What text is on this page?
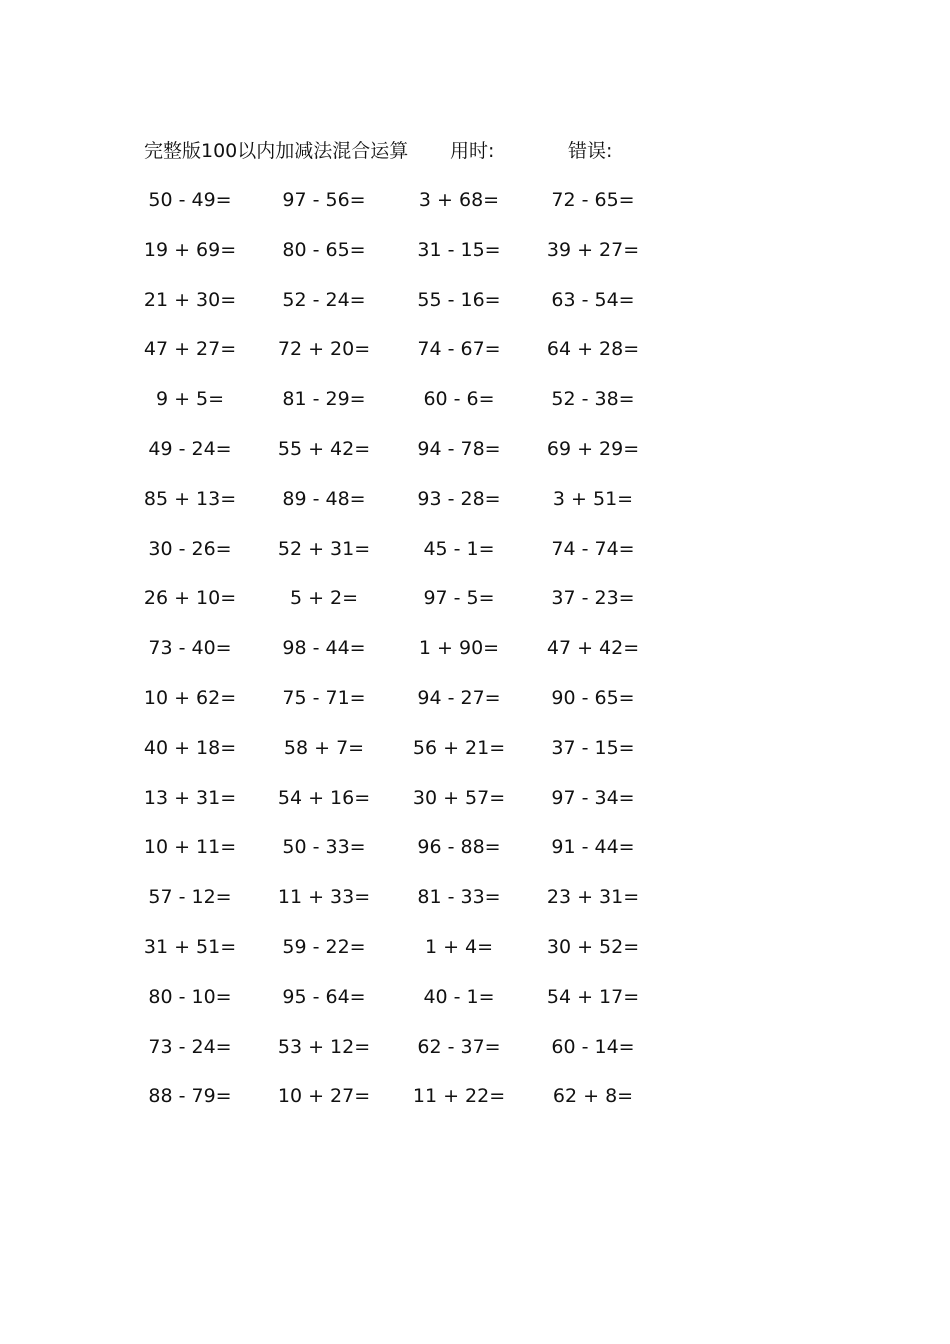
完整版100以内加减法混合运算 用时:	错误:
50 - 49=	97 - 56=	3 + 68=	72 - 65=
19 + 69=	80 - 65=	31 - 15=	39 + 27=
21 + 30=	52 - 24=	55 - 16=	63 - 54=
47 + 27=	72 + 20=	74 - 67=	64 + 28=
9 + 5=	81 - 29=	60 - 6=	52 - 38=
49 - 24=	55 + 42=	94 - 78=	69 + 29=
85 + 13=	89 - 48=	93 - 28=	3 + 51=
30 - 26=	52 + 31=	45 - 1=	74 - 74=
26 + 10=	5 + 2=	97 - 5=	37 - 23=
73 - 40=	98 - 44=	1 + 90=	47 + 42=
10 + 62=	75 - 71=	94 - 27=	90 - 65=
40 + 18=	58 + 7=	56 + 21=	37 - 15=
13 + 31=	54 + 16=	30 + 57=	97 - 34=
10 + 11=	50 - 33=	96 - 88=	91 - 44=
57 - 12=	11 + 33=	81 - 33=	23 + 31=
31 + 51=	59 - 22=	1 + 4=	30 + 52=
80 - 10=	95 - 64=	40 - 1=	54 + 17=
73 - 24=	53 + 12=	62 - 37=	60 - 14=
88 - 79=	10 + 27=	11 + 22=	62 + 8=
